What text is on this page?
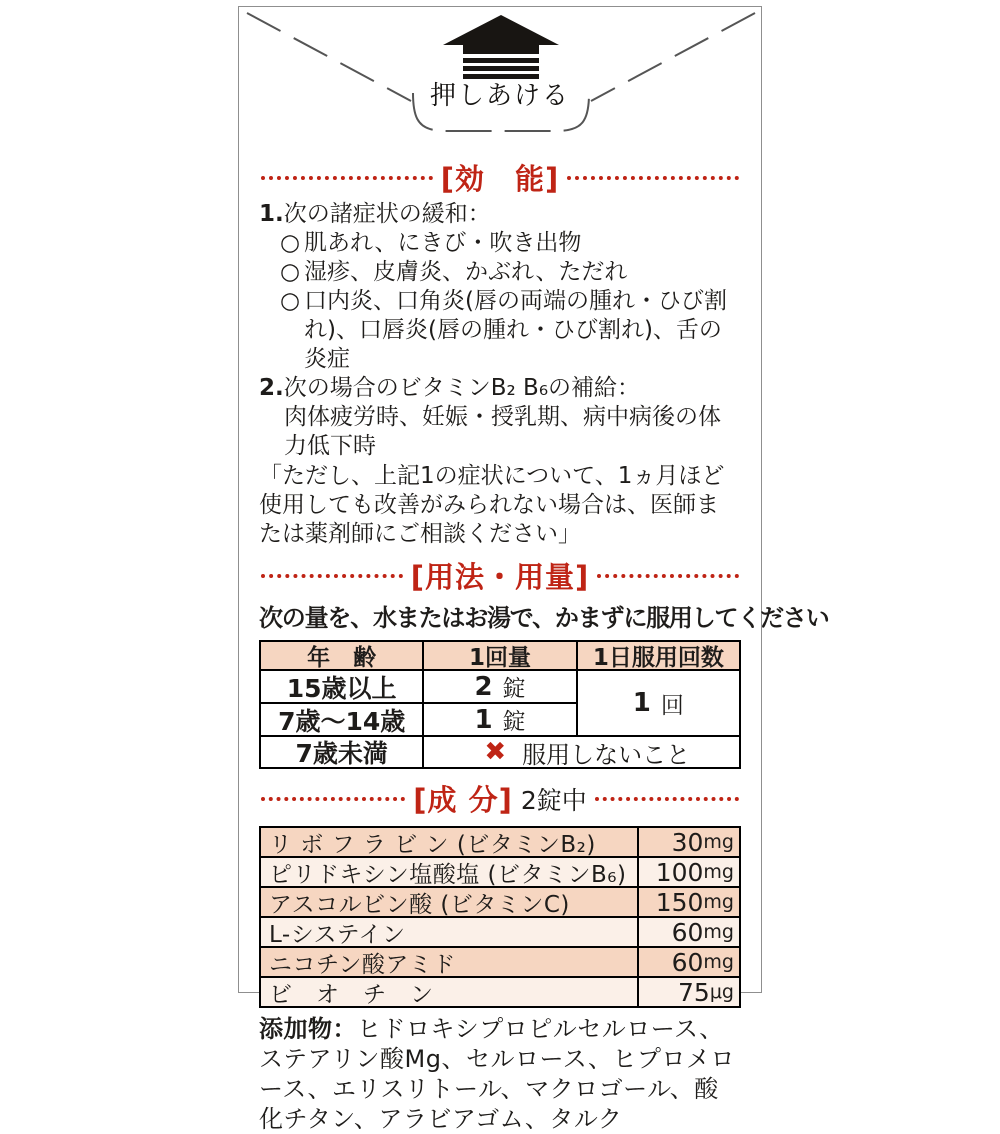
押しあける
[効　能]
1. 次の諸症状の緩和：
○ 肌あれ、にきび・吹き出物
○ 湿疹、皮膚炎、かぶれ、ただれ
○ 口内炎、口角炎(唇の両端の腫れ・ひび割れ)、口唇炎(唇の腫れ・ひび割れ)、舌の炎症
2. 次の場合のビタミンB₂ B₆の補給：
肉体疲労時、妊娠・授乳期、病中病後の体力低下時
「ただし、上記1の症状について、1ヵ月ほど使用しても改善がみられない場合は、医師または薬剤師にご相談ください」
[用法・用量]
次の量を、水またはお湯で、かまずに服用してください
年　齢	1回量	1日服用回数
15歳以上	2 錠	1 回
7歳～14歳	1 錠
7歳未満	✖ 服用しないこと
[成 分] 2錠中
リ ボ フ ラ ビ ン (ビタミンB₂)	30 mg
ピリドキシン塩酸塩 (ビタミンB₆)	100 mg
アスコルビン酸 (ビタミンC)	150 mg
L-システイン	60 mg
ニコチン酸アミド	60 mg
ビ　オ　チ　ン	75 μg
添加物：ヒドロキシプロピルセルロース、ステアリン酸Mg、セルロース、ヒプロメロース、エリスリトール、マクロゴール、酸化チタン、アラビアゴム、タルク
